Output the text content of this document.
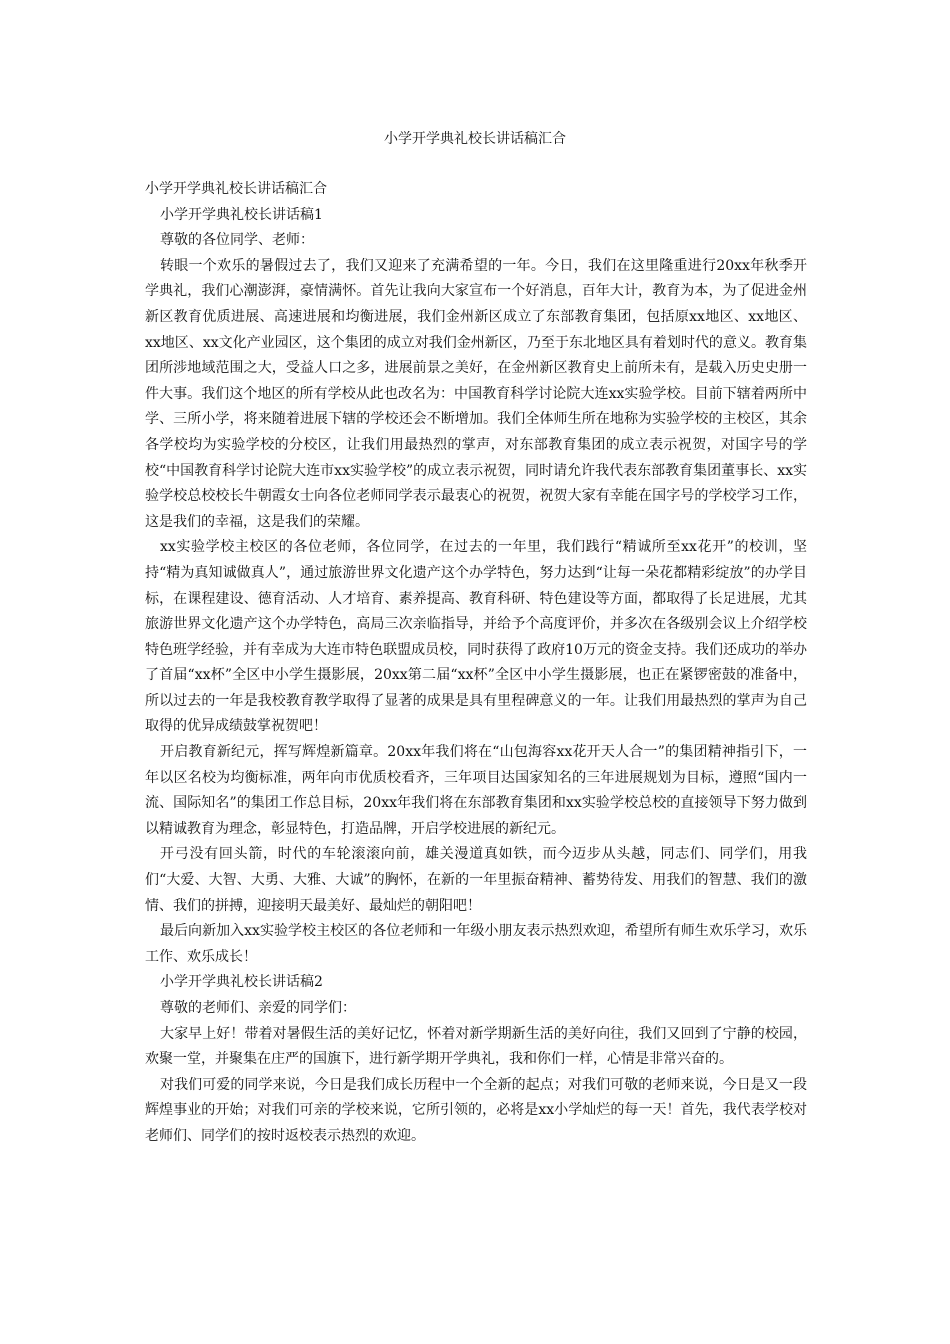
小学开学典礼校长讲话稿汇合

小学开学典礼校长讲话稿汇合

小学开学典礼校长讲话稿1

尊敬的各位同学、老师：

转眼一个欢乐的暑假过去了，我们又迎来了充满希望的一年。今日，我们在这里隆重进行20xx年秋季开学典礼，我们心潮澎湃，豪情满怀。首先让我向大家宣布一个好消息，百年大计，教育为本，为了促进金州新区教育优质进展、高速进展和均衡进展，我们金州新区成立了东部教育集团，包括原xx地区、xx地区、xx地区、xx文化产业园区，这个集团的成立对我们金州新区，乃至于东北地区具有着划时代的意义。教育集团所涉地域范围之大，受益人口之多，进展前景之美好，在金州新区教育史上前所未有，是载入历史史册一件大事。我们这个地区的所有学校从此也改名为：中国教育科学讨论院大连xx实验学校。目前下辖着两所中学、三所小学，将来随着进展下辖的学校还会不断增加。我们全体师生所在地称为实验学校的主校区，其余各学校均为实验学校的分校区，让我们用最热烈的掌声，对东部教育集团的成立表示祝贺，对国字号的学校“中国教育科学讨论院大连市xx实验学校”的成立表示祝贺，同时请允许我代表东部教育集团董事长、xx实验学校总校校长牛朝霞女士向各位老师同学表示最衷心的祝贺，祝贺大家有幸能在国字号的学校学习工作，这是我们的幸福，这是我们的荣耀。

xx实验学校主校区的各位老师，各位同学，在过去的一年里，我们践行“精诚所至xx花开”的校训，坚持“精为真知诚做真人”，通过旅游世界文化遗产这个办学特色，努力达到“让每一朵花都精彩绽放”的办学目标，在课程建设、德育活动、人才培育、素养提高、教育科研、特色建设等方面，都取得了长足进展，尤其旅游世界文化遗产这个办学特色，高局三次亲临指导，并给予个高度评价，并多次在各级别会议上介绍学校特色班学经验，并有幸成为大连市特色联盟成员校，同时获得了政府10万元的资金支持。我们还成功的举办了首届“xx杯”全区中小学生摄影展，20xx第二届“xx杯”全区中小学生摄影展，也正在紧锣密鼓的准备中，所以过去的一年是我校教育教学取得了显著的成果是具有里程碑意义的一年。让我们用最热烈的掌声为自己取得的优异成绩鼓掌祝贺吧！

开启教育新纪元，挥写辉煌新篇章。20xx年我们将在“山包海容xx花开天人合一”的集团精神指引下，一年以区名校为均衡标准，两年向市优质校看齐，三年项目达国家知名的三年进展规划为目标，遵照“国内一流、国际知名”的集团工作总目标，20xx年我们将在东部教育集团和xx实验学校总校的直接领导下努力做到以精诚教育为理念，彰显特色，打造品牌，开启学校进展的新纪元。

开弓没有回头箭，时代的车轮滚滚向前，雄关漫道真如铁，而今迈步从头越，同志们、同学们，用我们“大爱、大智、大勇、大雅、大诚”的胸怀，在新的一年里振奋精神、蓄势待发、用我们的智慧、我们的激情、我们的拼搏，迎接明天最美好、最灿烂的朝阳吧！

最后向新加入xx实验学校主校区的各位老师和一年级小朋友表示热烈欢迎，希望所有师生欢乐学习，欢乐工作、欢乐成长！

小学开学典礼校长讲话稿2

尊敬的老师们、亲爱的同学们：

大家早上好！带着对暑假生活的美好记忆，怀着对新学期新生活的美好向往，我们又回到了宁静的校园，欢聚一堂，并聚集在庄严的国旗下，进行新学期开学典礼，我和你们一样，心情是非常兴奋的。

对我们可爱的同学来说，今日是我们成长历程中一个全新的起点；对我们可敬的老师来说，今日是又一段辉煌事业的开始；对我们可亲的学校来说，它所引领的，必将是xx小学灿烂的每一天！首先，我代表学校对老师们、同学们的按时返校表示热烈的欢迎。
